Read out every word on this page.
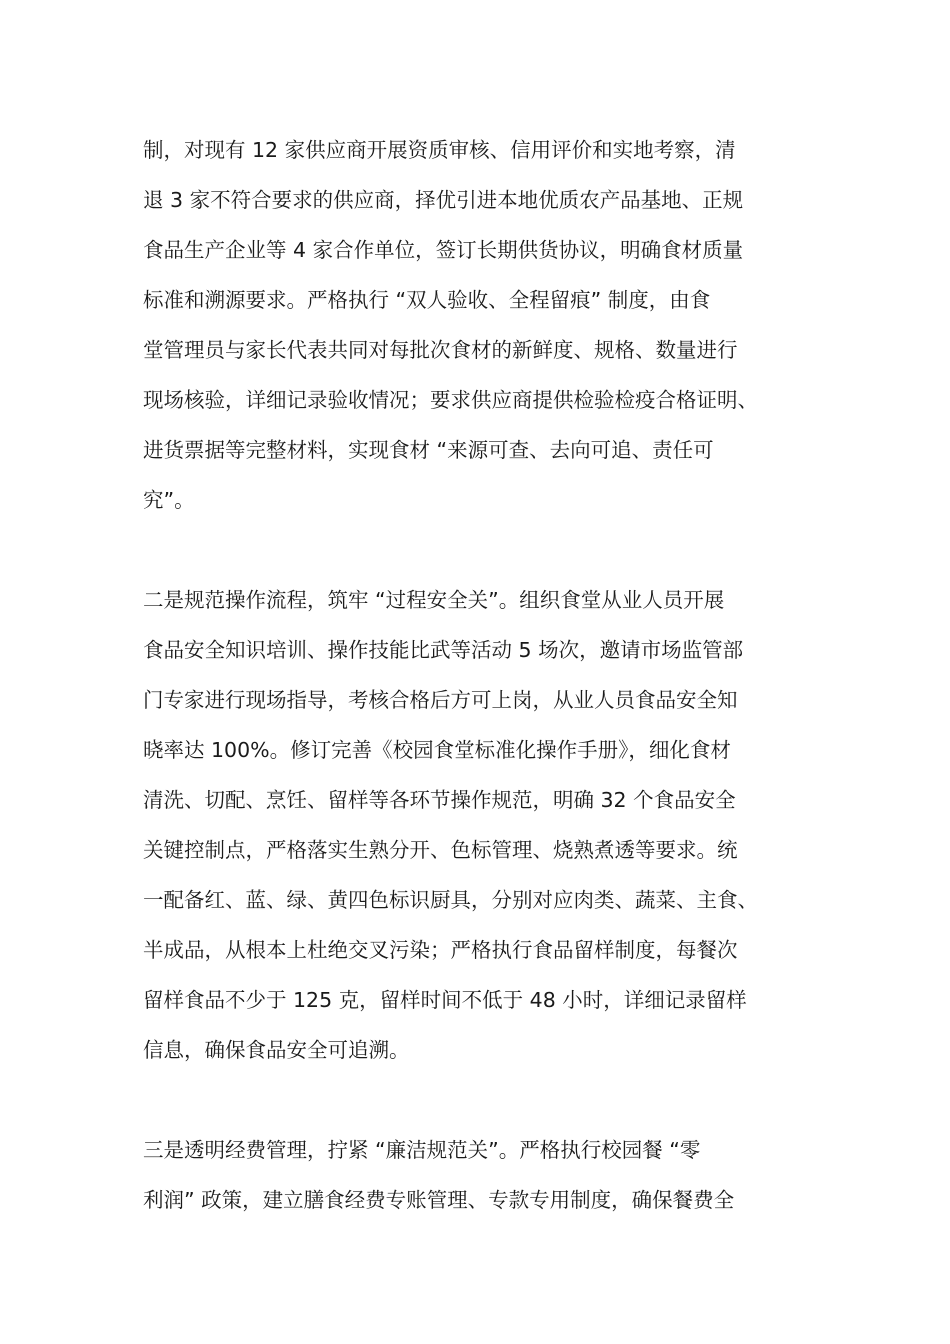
制，对现有 12 家供应商开展资质审核、信用评价和实地考察，清
退 3 家不符合要求的供应商，择优引进本地优质农产品基地、正规
食品生产企业等 4 家合作单位，签订长期供货协议，明确食材质量
标准和溯源要求。严格执行 “双人验收、全程留痕” 制度，由食
堂管理员与家长代表共同对每批次食材的新鲜度、规格、数量进行
现场核验，详细记录验收情况；要求供应商提供检验检疫合格证明、
进货票据等完整材料，实现食材 “来源可查、去向可追、责任可
究”。
二是规范操作流程，筑牢 “过程安全关”。组织食堂从业人员开展
食品安全知识培训、操作技能比武等活动 5 场次，邀请市场监管部
门专家进行现场指导，考核合格后方可上岗，从业人员食品安全知
晓率达 100%。修订完善《校园食堂标准化操作手册》，细化食材
清洗、切配、烹饪、留样等各环节操作规范，明确 32 个食品安全
关键控制点，严格落实生熟分开、色标管理、烧熟煮透等要求。统
一配备红、蓝、绿、黄四色标识厨具，分别对应肉类、蔬菜、主食、
半成品，从根本上杜绝交叉污染；严格执行食品留样制度，每餐次
留样食品不少于 125 克，留样时间不低于 48 小时，详细记录留样
信息，确保食品安全可追溯。
三是透明经费管理，拧紧 “廉洁规范关”。严格执行校园餐 “零
利润” 政策，建立膳食经费专账管理、专款专用制度，确保餐费全
